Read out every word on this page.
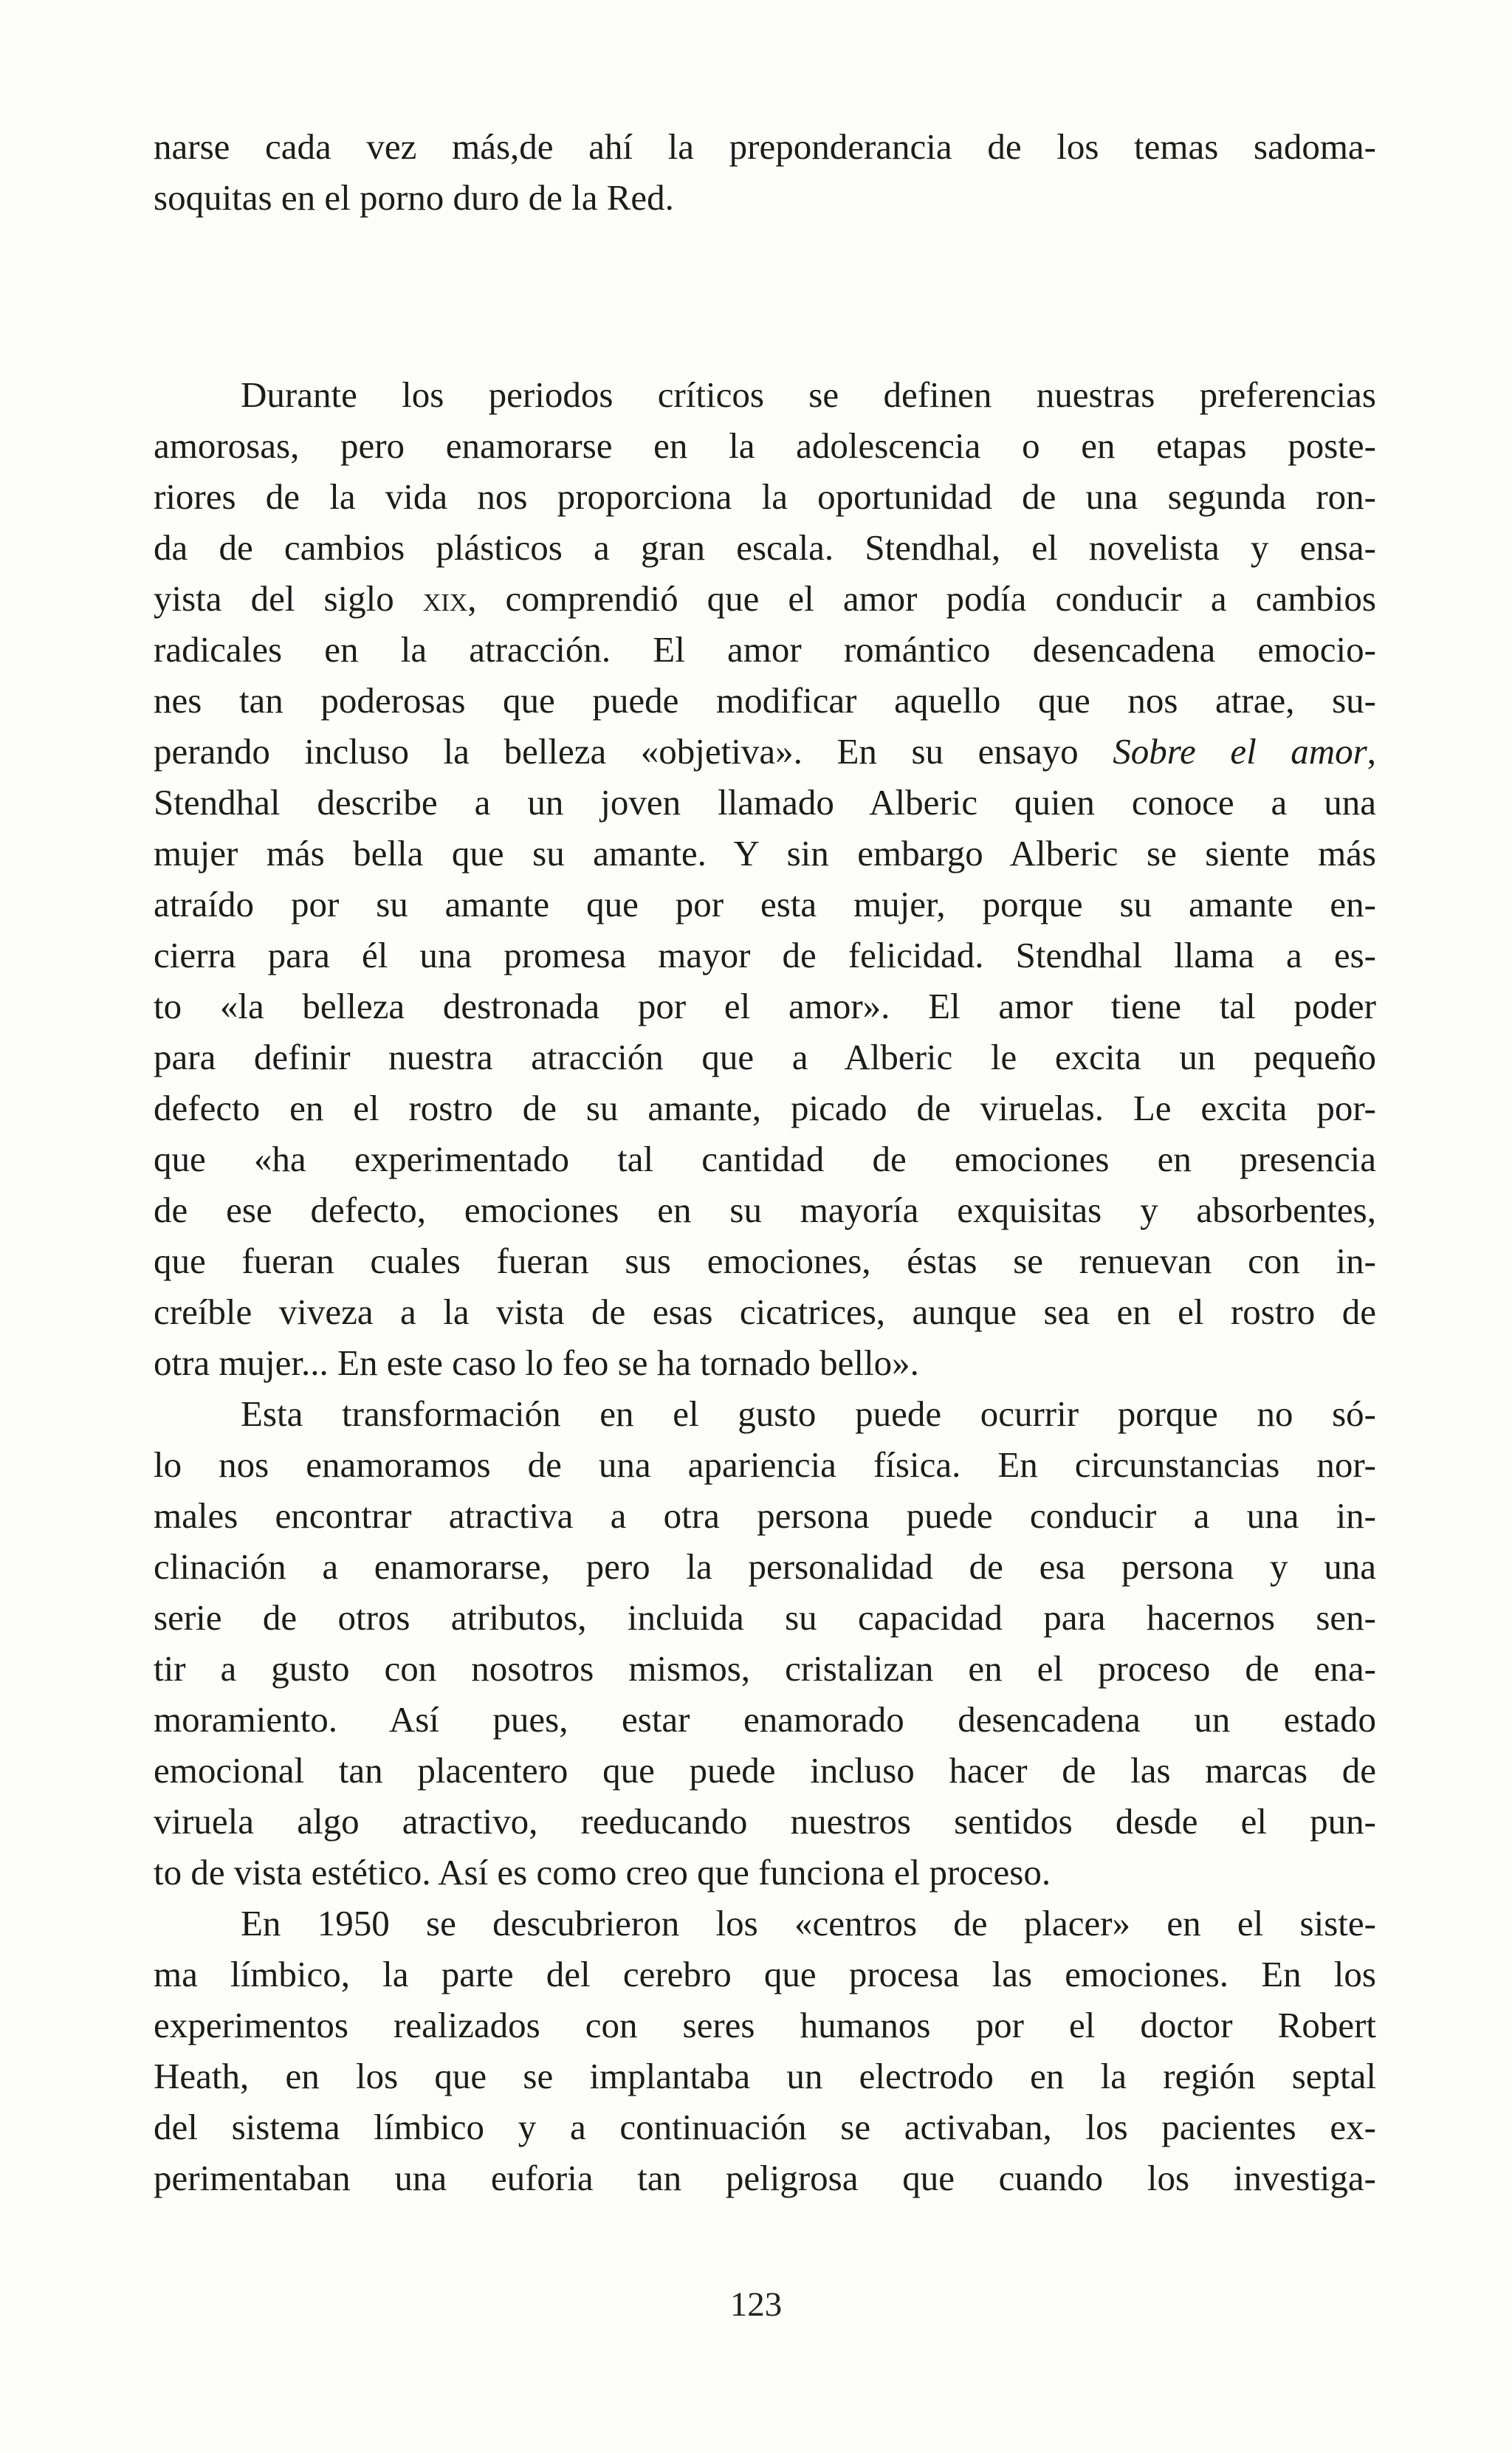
narse cada vez más,de ahí la preponderancia de los temas sadoma-
soquitas en el porno duro de la Red.

Durante los periodos críticos se definen nuestras preferencias
amorosas, pero enamorarse en la adolescencia o en etapas poste-
riores de la vida nos proporciona la oportunidad de una segunda ron-
da de cambios plásticos a gran escala. Stendhal, el novelista y ensa-
yista del siglo xix, comprendió que el amor podía conducir a cambios
radicales en la atracción. El amor romántico desencadena emocio-
nes tan poderosas que puede modificar aquello que nos atrae, su-
perando incluso la belleza «objetiva». En su ensayo Sobre el amor,
Stendhal describe a un joven llamado Alberic quien conoce a una
mujer más bella que su amante. Y sin embargo Alberic se siente más
atraído por su amante que por esta mujer, porque su amante en-
cierra para él una promesa mayor de felicidad. Stendhal llama a es-
to «la belleza destronada por el amor». El amor tiene tal poder
para definir nuestra atracción que a Alberic le excita un pequeño
defecto en el rostro de su amante, picado de viruelas. Le excita por-
que «ha experimentado tal cantidad de emociones en presencia
de ese defecto, emociones en su mayoría exquisitas y absorbentes,
que fueran cuales fueran sus emociones, éstas se renuevan con in-
creíble viveza a la vista de esas cicatrices, aunque sea en el rostro de
otra mujer... En este caso lo feo se ha tornado bello».

Esta transformación en el gusto puede ocurrir porque no só-
lo nos enamoramos de una apariencia física. En circunstancias nor-
males encontrar atractiva a otra persona puede conducir a una in-
clinación a enamorarse, pero la personalidad de esa persona y una
serie de otros atributos, incluida su capacidad para hacernos sen-
tir a gusto con nosotros mismos, cristalizan en el proceso de ena-
moramiento. Así pues, estar enamorado desencadena un estado
emocional tan placentero que puede incluso hacer de las marcas de
viruela algo atractivo, reeducando nuestros sentidos desde el pun-
to de vista estético. Así es como creo que funciona el proceso.

En 1950 se descubrieron los «centros de placer» en el siste-
ma límbico, la parte del cerebro que procesa las emociones. En los
experimentos realizados con seres humanos por el doctor Robert
Heath, en los que se implantaba un electrodo en la región septal
del sistema límbico y a continuación se activaban, los pacientes ex-
perimentaban una euforia tan peligrosa que cuando los investiga-

123
